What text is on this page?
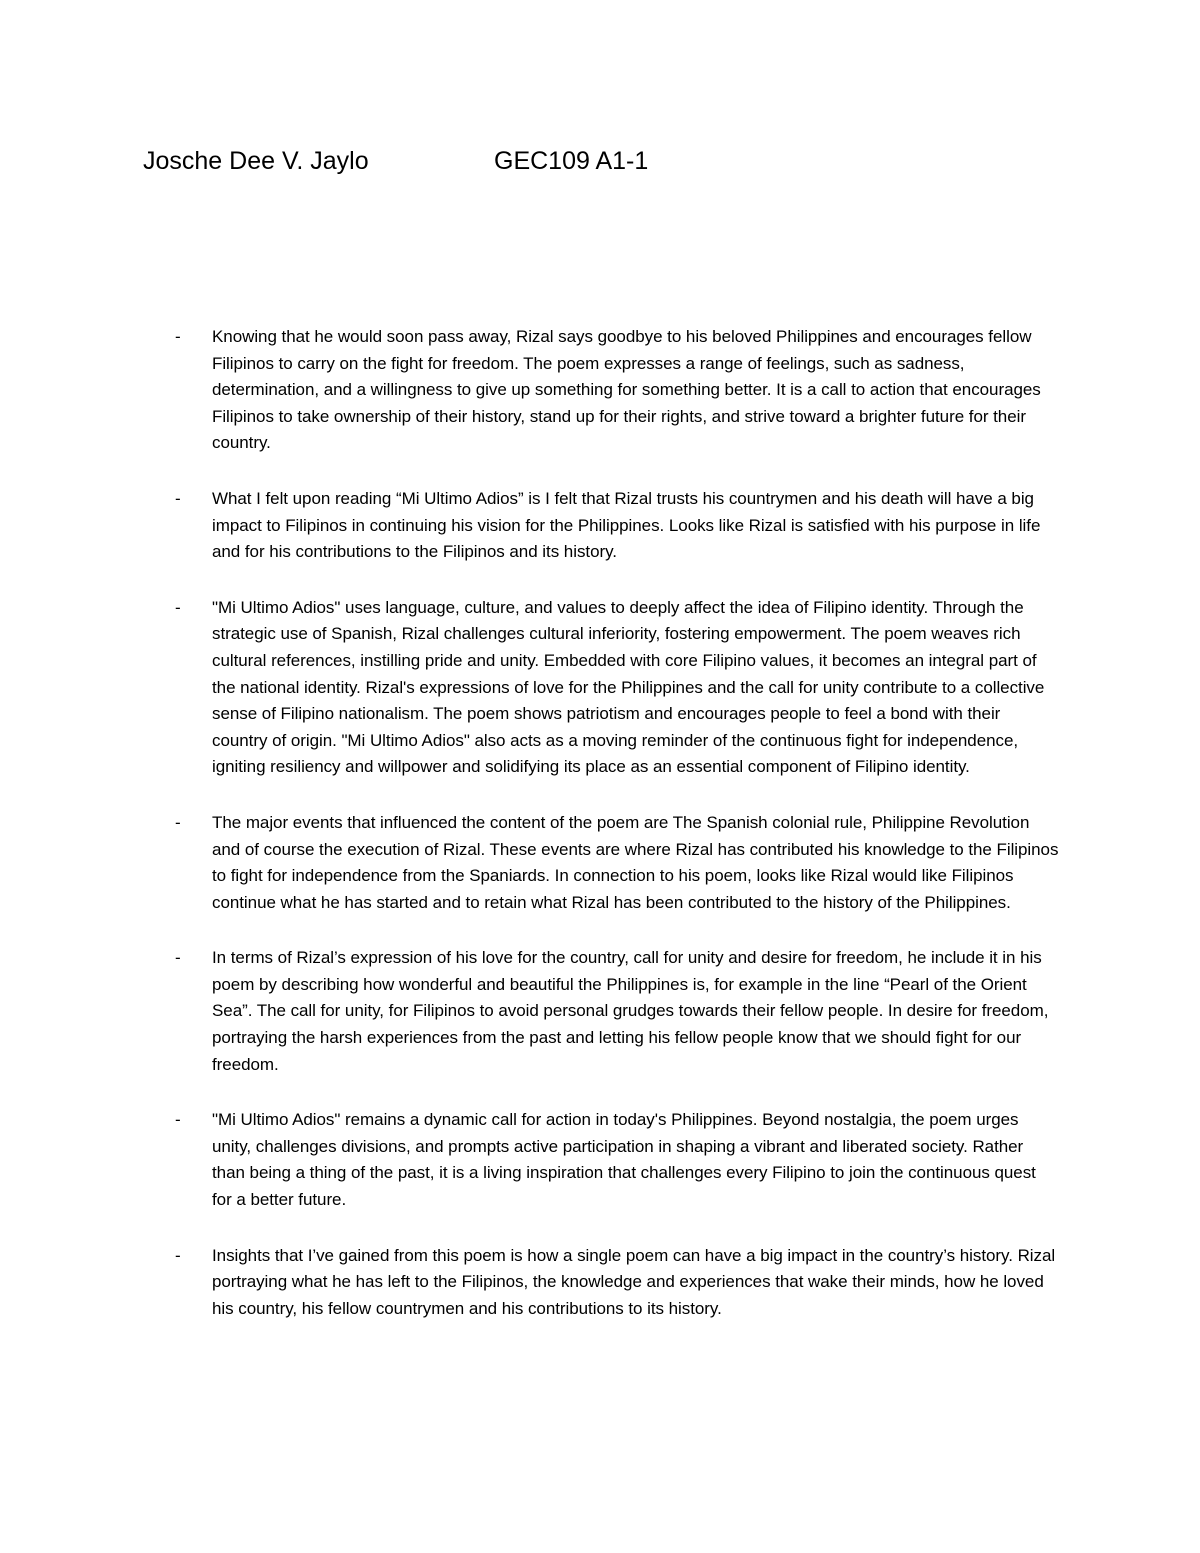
Josche Dee V. Jaylo	GEC109 A1-1
- Knowing that he would soon pass away, Rizal says goodbye to his beloved Philippines and encourages fellow Filipinos to carry on the fight for freedom. The poem expresses a range of feelings, such as sadness, determination, and a willingness to give up something for something better. It is a call to action that encourages Filipinos to take ownership of their history, stand up for their rights, and strive toward a brighter future for their country.
- What I felt upon reading “Mi Ultimo Adios” is I felt that Rizal trusts his countrymen and his death will have a big impact to Filipinos in continuing his vision for the Philippines. Looks like Rizal is satisfied with his purpose in life and for his contributions to the Filipinos and its history.
- "Mi Ultimo Adios" uses language, culture, and values to deeply affect the idea of Filipino identity. Through the strategic use of Spanish, Rizal challenges cultural inferiority, fostering empowerment. The poem weaves rich cultural references, instilling pride and unity. Embedded with core Filipino values, it becomes an integral part of the national identity. Rizal's expressions of love for the Philippines and the call for unity contribute to a collective sense of Filipino nationalism. The poem shows patriotism and encourages people to feel a bond with their country of origin. "Mi Ultimo Adios" also acts as a moving reminder of the continuous fight for independence, igniting resiliency and willpower and solidifying its place as an essential component of Filipino identity.
- The major events that influenced the content of the poem are The Spanish colonial rule, Philippine Revolution and of course the execution of Rizal. These events are where Rizal has contributed his knowledge to the Filipinos to fight for independence from the Spaniards. In connection to his poem, looks like Rizal would like Filipinos continue what he has started and to retain what Rizal has been contributed to the history of the Philippines.
- In terms of Rizal’s expression of his love for the country, call for unity and desire for freedom, he include it in his poem by describing how wonderful and beautiful the Philippines is, for example in the line “Pearl of the Orient Sea”. The call for unity, for Filipinos to avoid personal grudges towards their fellow people. In desire for freedom, portraying the harsh experiences from the past and letting his fellow people know that we should fight for our freedom.
- "Mi Ultimo Adios" remains a dynamic call for action in today's Philippines. Beyond nostalgia, the poem urges unity, challenges divisions, and prompts active participation in shaping a vibrant and liberated society. Rather than being a thing of the past, it is a living inspiration that challenges every Filipino to join the continuous quest for a better future.
- Insights that I’ve gained from this poem is how a single poem can have a big impact in the country’s history. Rizal portraying what he has left to the Filipinos, the knowledge and experiences that wake their minds, how he loved his country, his fellow countrymen and his contributions to its history.
